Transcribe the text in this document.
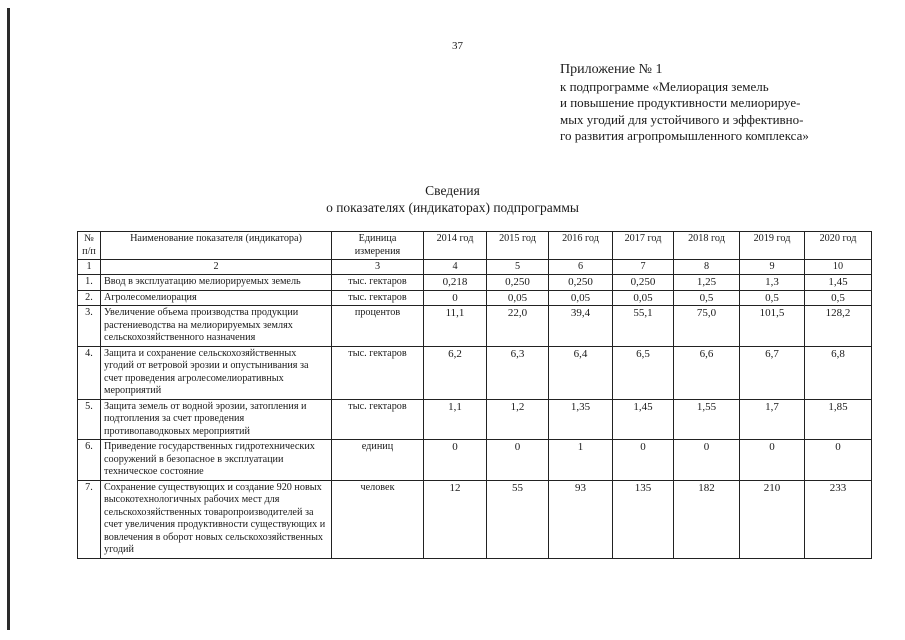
37
Приложение № 1
к подпрограмме «Мелиорация земель
и повышение продуктивности мелиорируе-
мых угодий для устойчивого и эффективно-
го развития агропромышленного комплекса»
Сведения
о показателях (индикаторах) подпрограммы
№ п/п	Наименование показателя (индикатора)	Единица измерения	2014 год	2015 год	2016 год	2017 год	2018 год	2019 год	2020 год
1	2	3	4	5	6	7	8	9	10
1.	Ввод в эксплуатацию мелиорируемых земель	тыс. гектаров	0,218	0,250	0,250	0,250	1,25	1,3	1,45
2.	Агролесомелиорация	тыс. гектаров	0	0,05	0,05	0,05	0,5	0,5	0,5
3.	Увеличение объема производства продукции растениеводства на мелиорируемых землях сельскохозяйственного назначения	процентов	11,1	22,0	39,4	55,1	75,0	101,5	128,2
4.	Защита и сохранение сельскохозяйственных угодий от ветровой эрозии и опустынивания за счет проведения агролесомелиоративных мероприятий	тыс. гектаров	6,2	6,3	6,4	6,5	6,6	6,7	6,8
5.	Защита земель от водной эрозии, затопления и подтопления за счет проведения противопаводковых мероприятий	тыс. гектаров	1,1	1,2	1,35	1,45	1,55	1,7	1,85
6.	Приведение государственных гидротехнических сооружений в безопасное в эксплуатации техническое состояние	единиц	0	0	1	0	0	0	0
7.	Сохранение существующих и создание 920 новых высокотехнологичных рабочих мест для сельскохозяйственных товаропроизводителей за счет увеличения продуктивности существующих и вовлечения в оборот новых сельскохозяйственных угодий	человек	12	55	93	135	182	210	233
